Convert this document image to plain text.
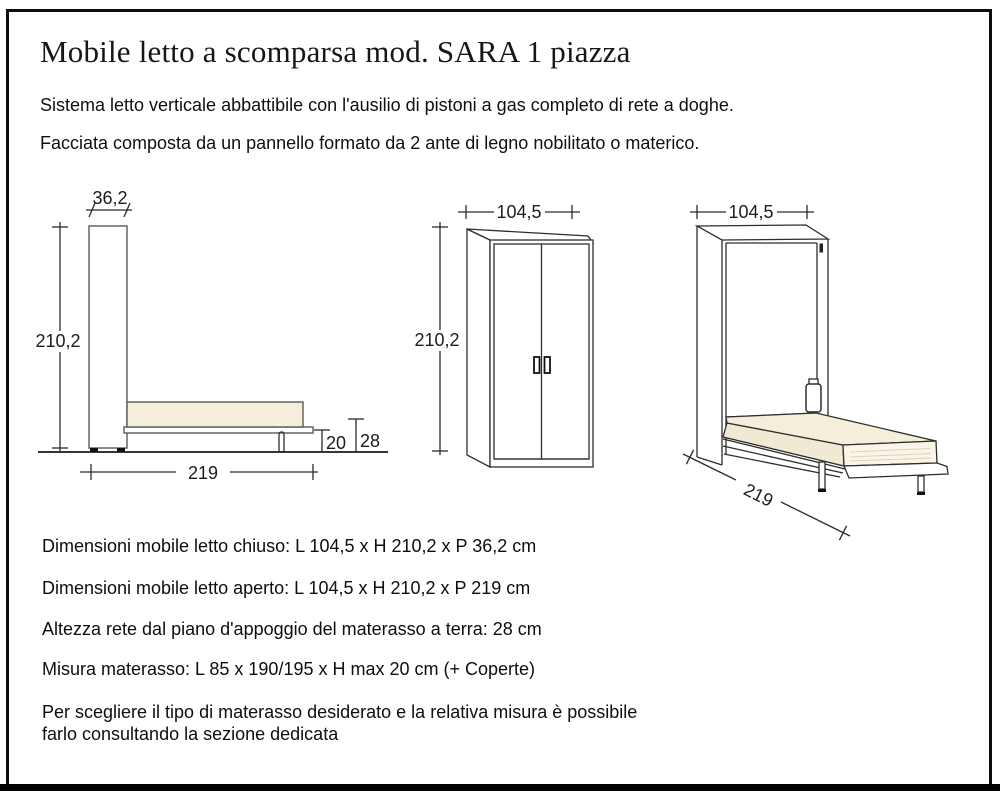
Mobile letto a scomparsa mod. SARA 1 piazza

Sistema letto verticale abbattibile con l'ausilio di pistoni a gas completo di rete a doghe.

Facciata composta da un pannello formato da 2 ante di legno nobilitato o materico.

36,2
210,2
20 28
219
104,5
210,2
104,5
219

Dimensioni mobile letto chiuso: L 104,5 x H 210,2 x P 36,2 cm

Dimensioni mobile letto aperto: L 104,5 x H 210,2 x P 219 cm

Altezza rete dal piano d'appoggio del materasso a terra: 28 cm

Misura materasso: L 85 x 190/195 x H max 20 cm (+ Coperte)

Per scegliere il tipo di materasso desiderato e la relativa misura è possibile farlo consultando la sezione dedicata
